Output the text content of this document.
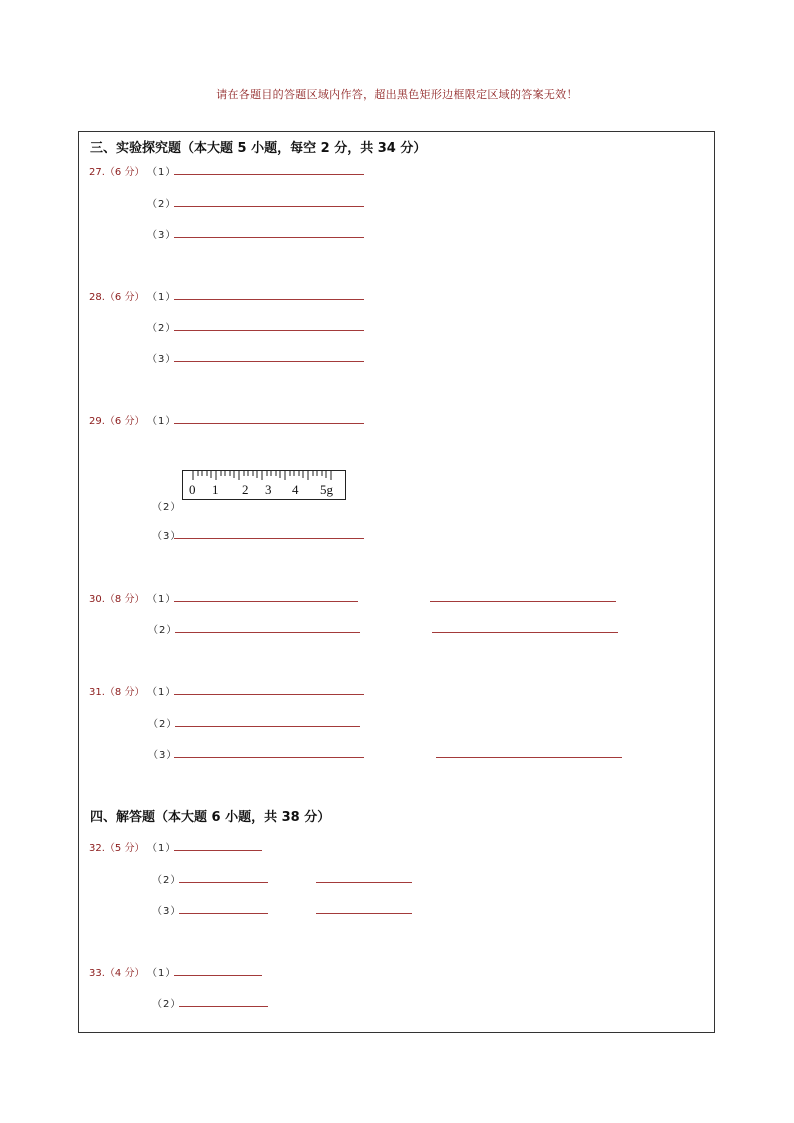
请在各题目的答题区域内作答，超出黑色矩形边框限定区域的答案无效！
三、实验探究题（本大题 5 小题，每空 2 分，共 34 分）
27.（6 分） （1）
（2）
（3）
28.（6 分） （1）
（2）
（3）
29.（6 分） （1）
0 1 2 3 4 5g
（2）
（3）
30.（8 分） （1）
（2）
31.（8 分） （1）
（2）
（3）
四、解答题（本大题 6 小题，共 38 分）
32.（5 分） （1）
（2）
（3）
33.（4 分） （1）
（2）
